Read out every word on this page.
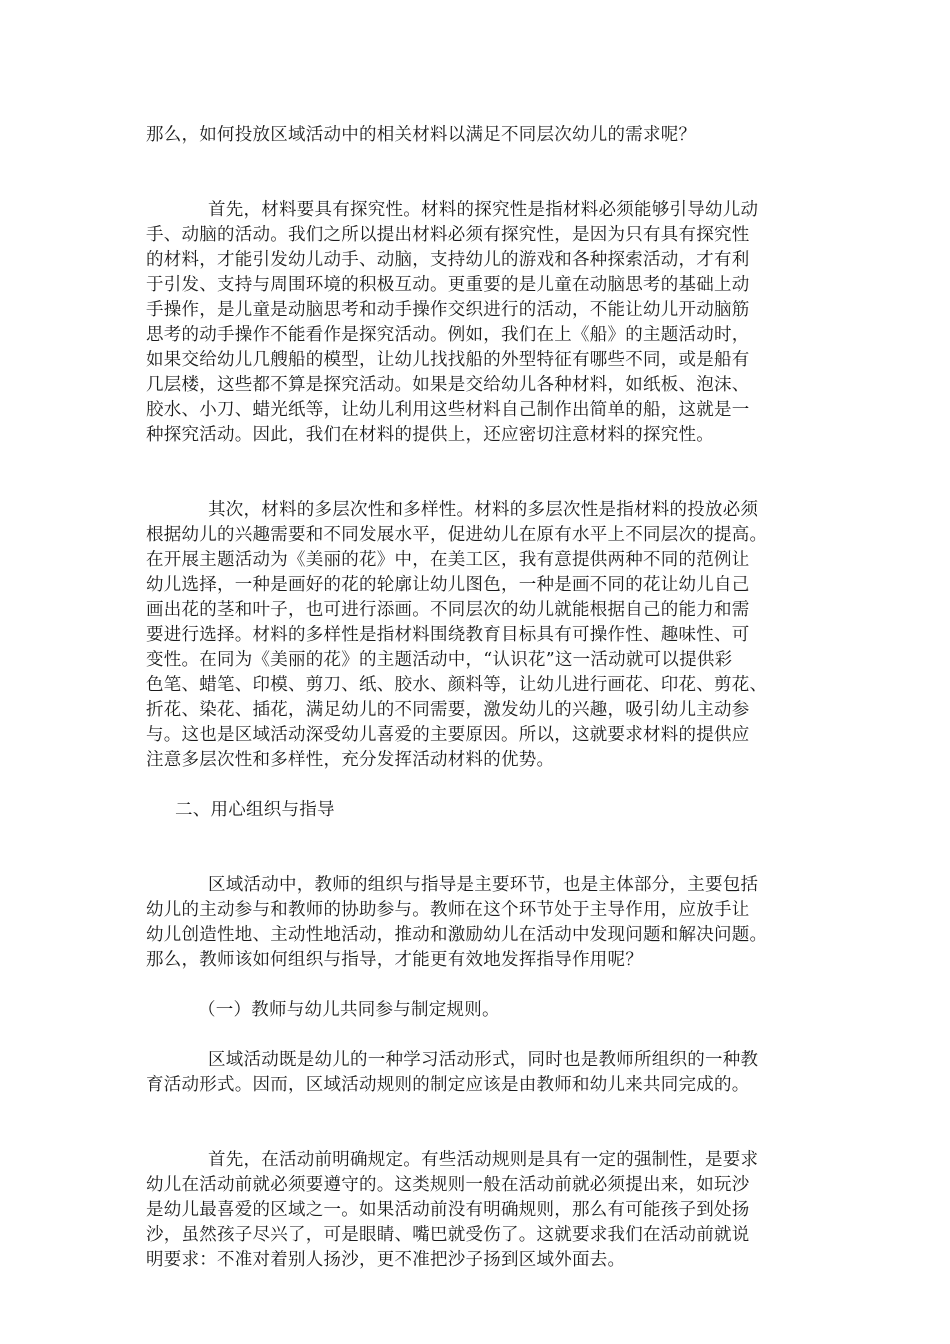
那么，如何投放区域活动中的相关材料以满足不同层次幼儿的需求呢？
首先，材料要具有探究性。材料的探究性是指材料必须能够引导幼儿动
手、动脑的活动。我们之所以提出材料必须有探究性，是因为只有具有探究性
的材料，才能引发幼儿动手、动脑，支持幼儿的游戏和各种探索活动，才有利
于引发、支持与周围环境的积极互动。更重要的是儿童在动脑思考的基础上动
手操作，是儿童是动脑思考和动手操作交织进行的活动，不能让幼儿开动脑筋
思考的动手操作不能看作是探究活动。例如，我们在上《船》的主题活动时，
如果交给幼儿几艘船的模型，让幼儿找找船的外型特征有哪些不同，或是船有
几层楼，这些都不算是探究活动。如果是交给幼儿各种材料，如纸板、泡沫、
胶水、小刀、蜡光纸等，让幼儿利用这些材料自己制作出简单的船，这就是一
种探究活动。因此，我们在材料的提供上，还应密切注意材料的探究性。
其次，材料的多层次性和多样性。材料的多层次性是指材料的投放必须
根据幼儿的兴趣需要和不同发展水平，促进幼儿在原有水平上不同层次的提高。
在开展主题活动为《美丽的花》中，在美工区，我有意提供两种不同的范例让
幼儿选择，一种是画好的花的轮廓让幼儿图色，一种是画不同的花让幼儿自己
画出花的茎和叶子，也可进行添画。不同层次的幼儿就能根据自己的能力和需
要进行选择。材料的多样性是指材料围绕教育目标具有可操作性、趣味性、可
变性。在同为《美丽的花》的主题活动中，“认识花”这一活动就可以提供彩
色笔、蜡笔、印模、剪刀、纸、胶水、颜料等，让幼儿进行画花、印花、剪花、
折花、染花、插花，满足幼儿的不同需要，激发幼儿的兴趣，吸引幼儿主动参
与。这也是区域活动深受幼儿喜爱的主要原因。所以，这就要求材料的提供应
注意多层次性和多样性，充分发挥活动材料的优势。
二、用心组织与指导
区域活动中，教师的组织与指导是主要环节，也是主体部分，主要包括
幼儿的主动参与和教师的协助参与。教师在这个环节处于主导作用，应放手让
幼儿创造性地、主动性地活动，推动和激励幼儿在活动中发现问题和解决问题。
那么，教师该如何组织与指导，才能更有效地发挥指导作用呢？
（一）教师与幼儿共同参与制定规则。
区域活动既是幼儿的一种学习活动形式，同时也是教师所组织的一种教
育活动形式。因而，区域活动规则的制定应该是由教师和幼儿来共同完成的。
首先，在活动前明确规定。有些活动规则是具有一定的强制性，是要求
幼儿在活动前就必须要遵守的。这类规则一般在活动前就必须提出来，如玩沙
是幼儿最喜爱的区域之一。如果活动前没有明确规则，那么有可能孩子到处扬
沙，虽然孩子尽兴了，可是眼睛、嘴巴就受伤了。这就要求我们在活动前就说
明要求：不准对着别人扬沙，更不准把沙子扬到区域外面去。
